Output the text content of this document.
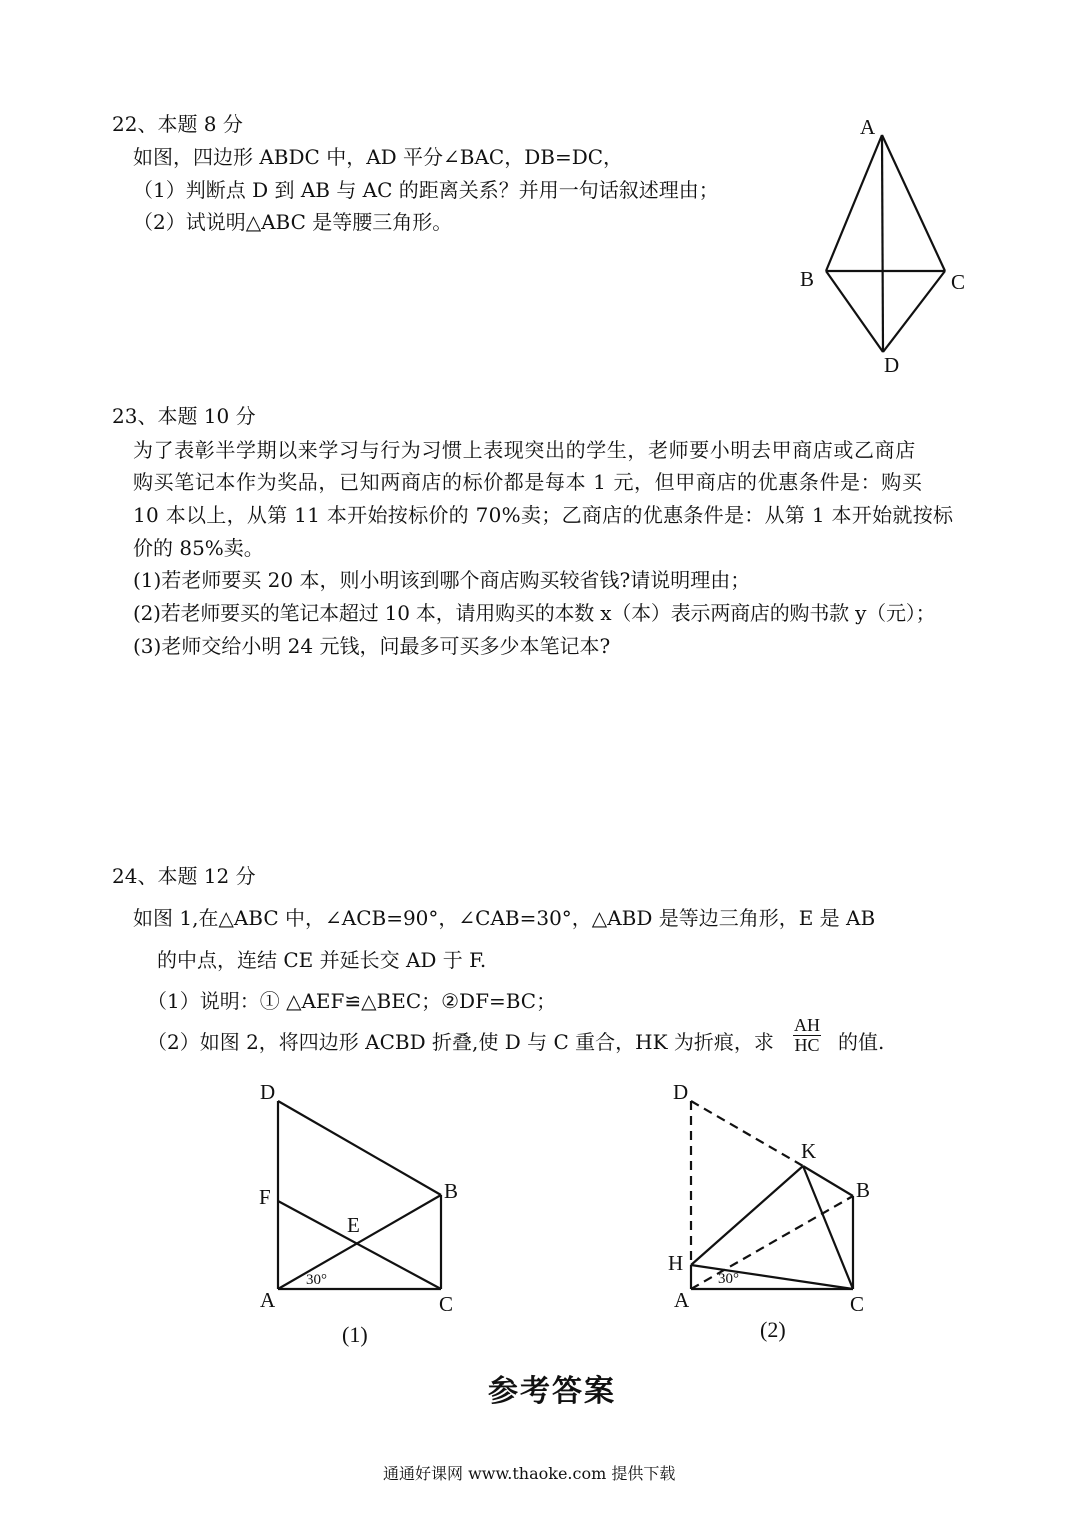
22、本题 8 分
如图，四边形 ABDC 中，AD 平分∠BAC，DB=DC，
（1）判断点 D 到 AB 与 AC 的距离关系？并用一句话叙述理由；
（2）试说明△ABC 是等腰三角形。
A
B	C
D
23、本题 10 分
为了表彰半学期以来学习与行为习惯上表现突出的学生，老师要小明去甲商店或乙商店
购买笔记本作为奖品，已知两商店的标价都是每本 1 元，但甲商店的优惠条件是：购买
10 本以上，从第 11 本开始按标价的 70%卖；乙商店的优惠条件是：从第 1 本开始就按标
价的 85%卖。
(1)若老师要买 20 本，则小明该到哪个商店购买较省钱?请说明理由；
(2)若老师要买的笔记本超过 10 本，请用购买的本数 x（本）表示两商店的购书款 y（元）；
(3)老师交给小明 24 元钱，问最多可买多少本笔记本?
24、本题 12 分
如图 1,在△ABC 中，∠ACB=90°，∠CAB=30°，△ABD 是等边三角形，E 是 AB
的中点，连结 CE 并延长交 AD 于 F.
（1）说明：① △AEF≌△BEC；②DF=BC；
（2）如图 2，将四边形 ACBD 折叠,使 D 与 C 重合，HK 为折痕，求 $\frac{AH}{HC}$ 的值.
D
F
E
B
A	C
30°
(1)
D
K
B
H
A	C
30°
(2)
参考答案
通通好课网 www.thaoke.com 提供下载
